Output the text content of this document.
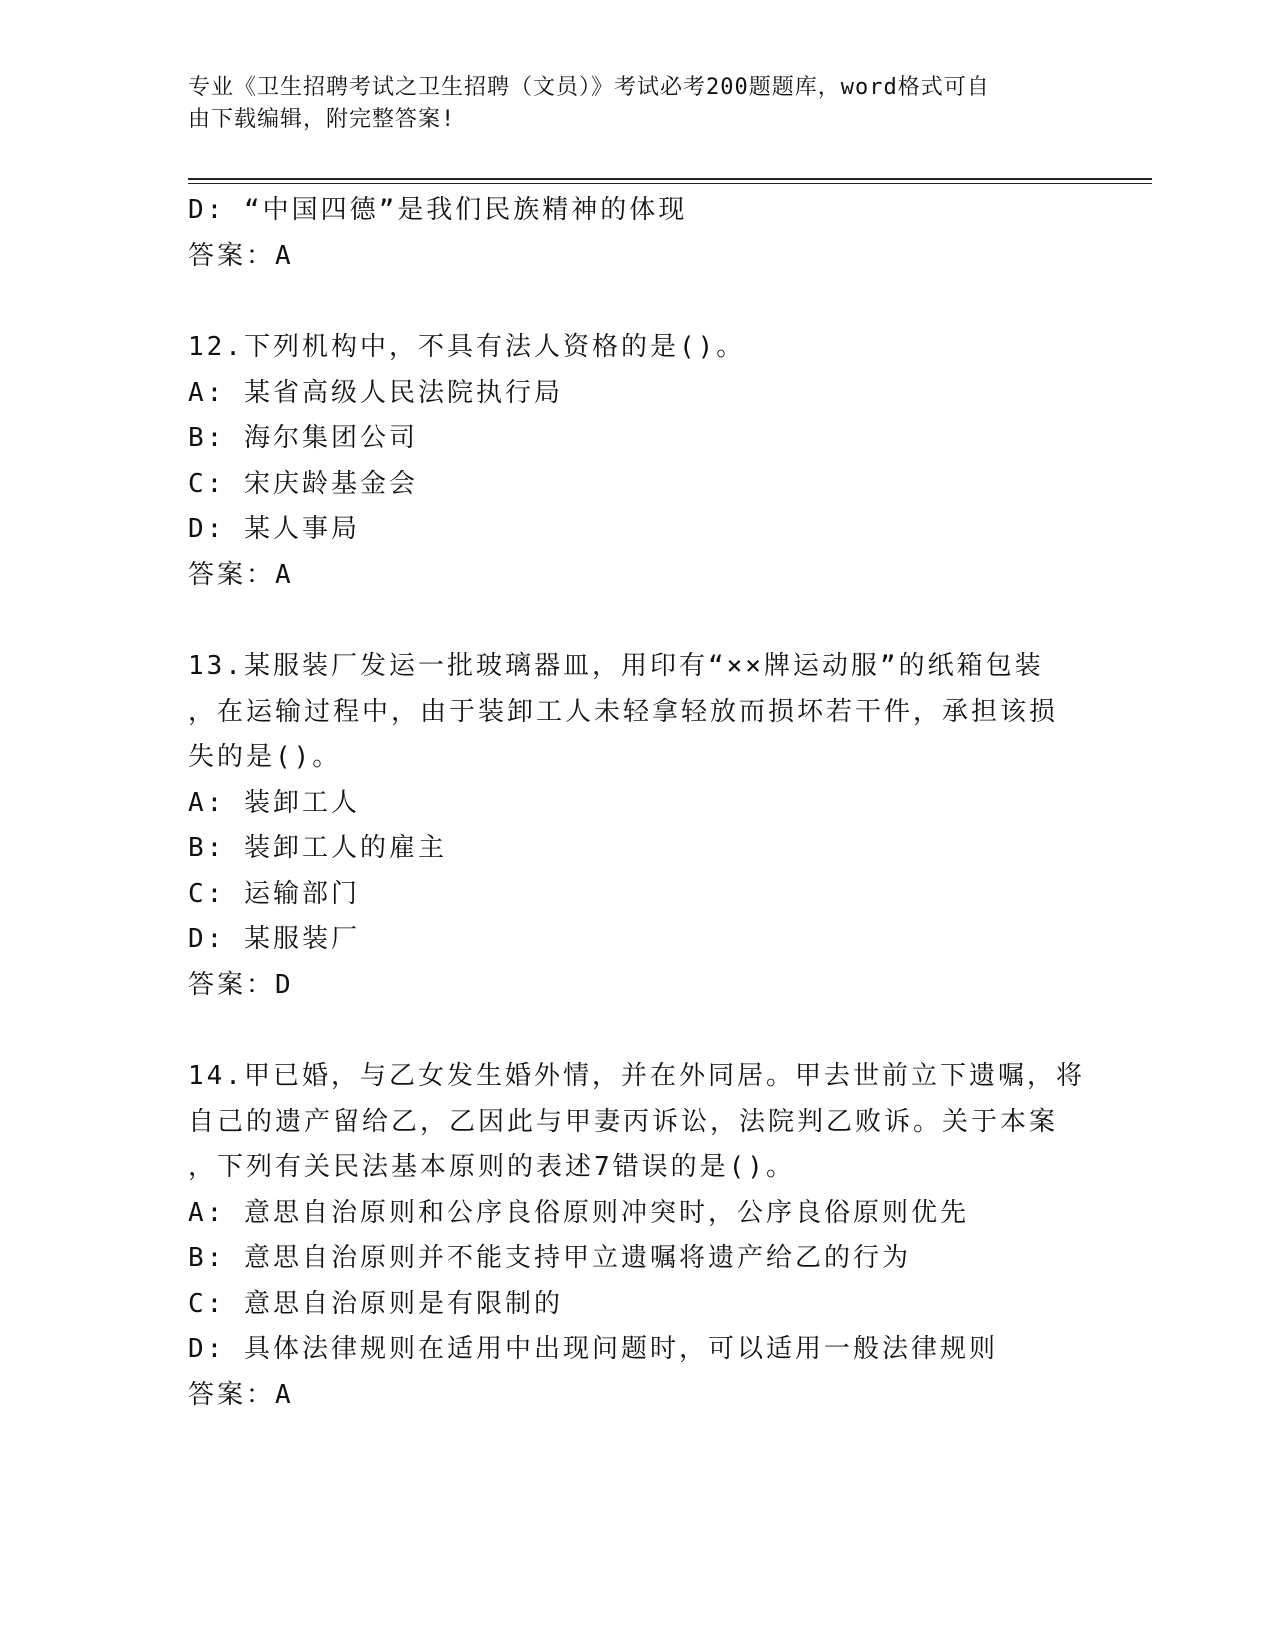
专业《卫生招聘考试之卫生招聘（文员）》考试必考200题题库，word格式可自
由下载编辑，附完整答案!
D: “中国四德”是我们民族精神的体现
答案：A
12.下列机构中，不具有法人资格的是()。
A: 某省高级人民法院执行局
B: 海尔集团公司
C: 宋庆龄基金会
D: 某人事局
答案：A
13.某服装厂发运一批玻璃器皿，用印有“××牌运动服”的纸箱包装
，在运输过程中，由于装卸工人未轻拿轻放而损坏若干件，承担该损
失的是()。
A: 装卸工人
B: 装卸工人的雇主
C: 运输部门
D: 某服装厂
答案：D
14.甲已婚，与乙女发生婚外情，并在外同居。甲去世前立下遗嘱，将
自己的遗产留给乙，乙因此与甲妻丙诉讼，法院判乙败诉。关于本案
，下列有关民法基本原则的表述7错误的是()。
A: 意思自治原则和公序良俗原则冲突时，公序良俗原则优先
B: 意思自治原则并不能支持甲立遗嘱将遗产给乙的行为
C: 意思自治原则是有限制的
D: 具体法律规则在适用中出现问题时，可以适用一般法律规则
答案：A
